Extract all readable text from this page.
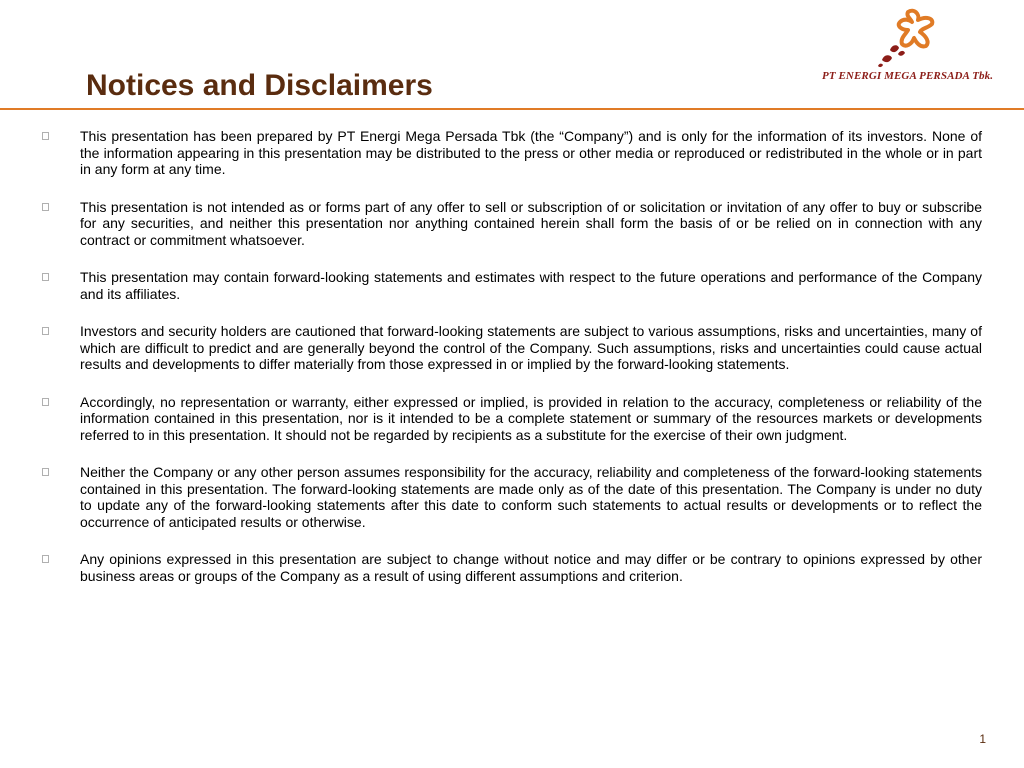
Notices and Disclaimers	PT ENERGI MEGA PERSADA Tbk.
This presentation has been prepared by PT Energi Mega Persada Tbk (the “Company”) and is only for the information of its investors. None of the information appearing in this presentation may be distributed to the press or other media or reproduced or redistributed in the whole or in part in any form at any time.
This presentation is not intended as or forms part of any offer to sell or subscription of or solicitation or invitation of any offer to buy or subscribe for any securities, and neither this presentation nor anything contained herein shall form the basis of or be relied on in connection with any contract or commitment whatsoever.
This presentation may contain forward-looking statements and estimates with respect to the future operations and performance of the Company and its affiliates.
Investors and security holders are cautioned that forward-looking statements are subject to various assumptions, risks and uncertainties, many of which are difficult to predict and are generally beyond the control of the Company. Such assumptions, risks and uncertainties could cause actual results and developments to differ materially from those expressed in or implied by the forward-looking statements.
Accordingly, no representation or warranty, either expressed or implied, is provided in relation to the accuracy, completeness or reliability of the information contained in this presentation, nor is it intended to be a complete statement or summary of the resources markets or developments referred to in this presentation. It should not be regarded by recipients as a substitute for the exercise of their own judgment.
Neither the Company or any other person assumes responsibility for the accuracy, reliability and completeness of the forward-looking statements contained in this presentation. The forward-looking statements are made only as of the date of this presentation. The Company is under no duty to update any of the forward-looking statements after this date to conform such statements to actual results or developments or to reflect the occurrence of anticipated results or otherwise.
Any opinions expressed in this presentation are subject to change without notice and may differ or be contrary to opinions expressed by other business areas or groups of the Company as a result of using different assumptions and criterion.
1
